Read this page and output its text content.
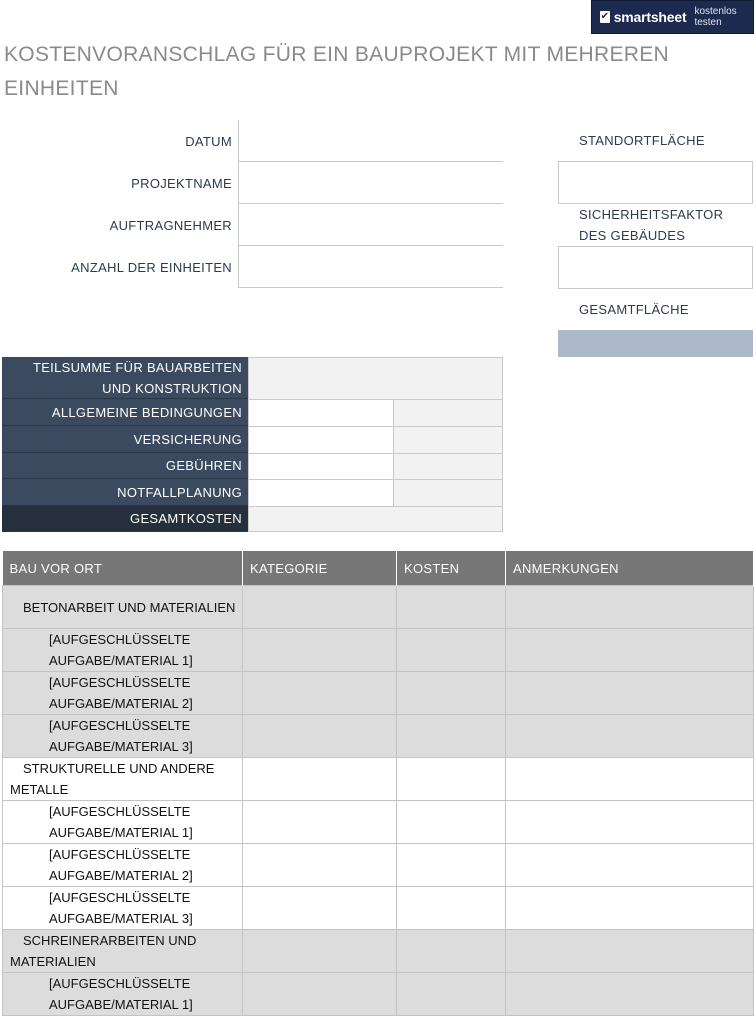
✔ smartsheet kostenlos testen
KOSTENVORANSCHLAG FÜR EIN BAUPROJEKT MIT MEHREREN EINHEITEN
DATUM
PROJEKTNAME
AUFTRAGNEHMER
ANZAHL DER EINHEITEN
STANDORTFLÄCHE
SICHERHEITSFAKTOR DES GEBÄUDES
GESAMTFLÄCHE
TEILSUMME FÜR BAUARBEITEN UND KONSTRUKTION
ALLGEMEINE BEDINGUNGEN
VERSICHERUNG
GEBÜHREN
NOTFALLPLANUNG
GESAMTKOSTEN
BAU VOR ORT	KATEGORIE	KOSTEN	ANMERKUNGEN
BETONARBEIT UND MATERIALIEN			
[AUFGESCHLÜSSELTE AUFGABE/MATERIAL 1]			
[AUFGESCHLÜSSELTE AUFGABE/MATERIAL 2]			
[AUFGESCHLÜSSELTE AUFGABE/MATERIAL 3]			
STRUKTURELLE UND ANDERE METALLE			
[AUFGESCHLÜSSELTE AUFGABE/MATERIAL 1]			
[AUFGESCHLÜSSELTE AUFGABE/MATERIAL 2]			
[AUFGESCHLÜSSELTE AUFGABE/MATERIAL 3]			
SCHREINERARBEITEN UND MATERIALIEN			
[AUFGESCHLÜSSELTE AUFGABE/MATERIAL 1]			
